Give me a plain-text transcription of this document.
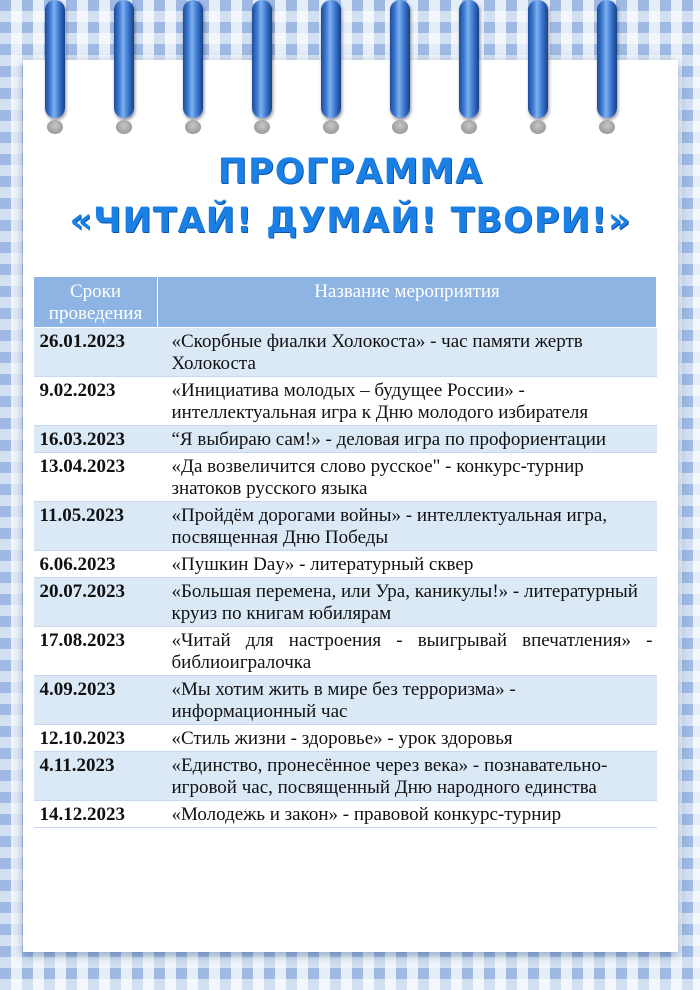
ПРОГРАММА
«ЧИТАЙ! ДУМАЙ! ТВОРИ!»
Сроки проведения	Название мероприятия
26.01.2023	«Скорбные фиалки Холокоста» - час памяти жертв Холокоста
9.02.2023	«Инициатива молодых – будущее России» - интеллектуальная игра к Дню молодого избирателя
16.03.2023	“Я выбираю сам!» - деловая игра по профориентации
13.04.2023	«Да возвеличится слово русское" - конкурс-турнир знатоков русского языка
11.05.2023	«Пройдём дорогами войны» - интеллектуальная игра, посвященная Дню Победы
6.06.2023	«Пушкин Day» - литературный сквер
20.07.2023	«Большая перемена, или Ура, каникулы!» - литературный круиз по книгам юбилярам
17.08.2023	«Читай для настроения - выигрывай впечатления» - библиоигралочка
4.09.2023	«Мы хотим жить в мире без терроризма» - информационный час
12.10.2023	«Стиль жизни - здоровье» - урок здоровья
4.11.2023	«Единство, пронесённое через века» - познавательно-игровой час, посвященный Дню народного единства
14.12.2023	«Молодежь и закон» - правовой конкурс-турнир
